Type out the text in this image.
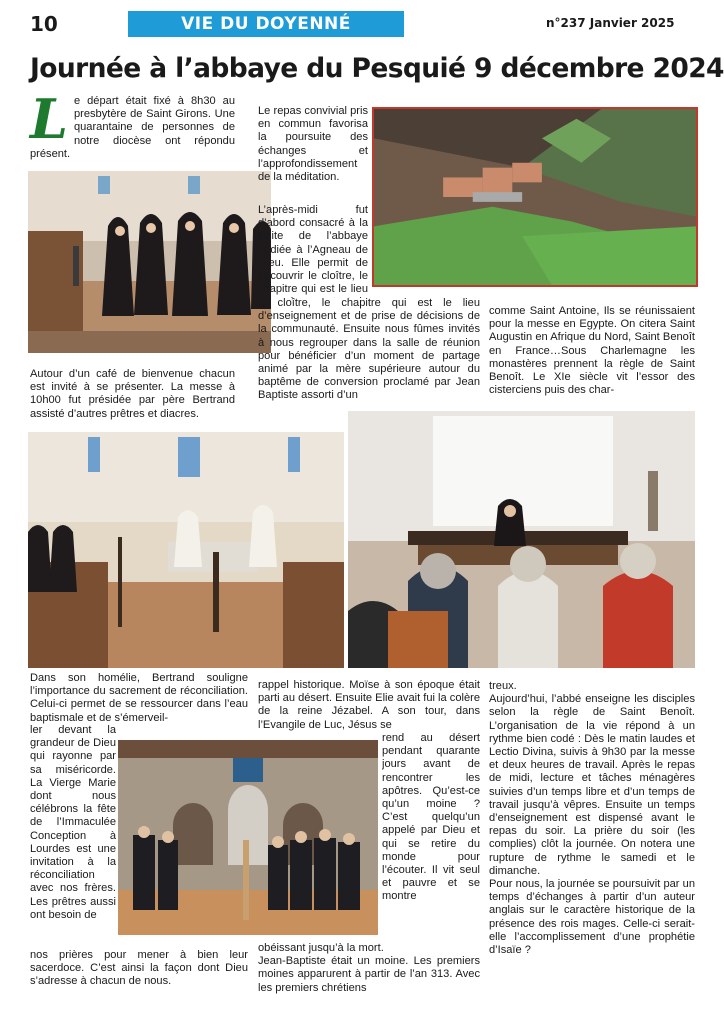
10	VIE DU DOYENNÉ	n°237 Janvier 2025
Journée à l’abbaye du Pesquié 9 décembre 2024
L e départ était fixé à 8h30 au presbytère de Saint Girons. Une quarantaine de personnes de notre diocèse ont répondu présent.

Autour d’un café de bienvenue chacun est invité à se présenter. La messe à 10h00 fut présidée par père Bertrand assisté d’autres prêtres et diacres.

Le repas convivial pris en commun favorisa la poursuite des échanges et l’approfondissement de la méditation.

L’après-midi fut d’abord consacré à la visite de l’abbaye dédiée à l’Agneau de Dieu. Elle permit de découvrir le cloître, le chapitre qui est le lieu

le cloître, le chapitre qui est le lieu d’enseignement et de prise de décisions de la communauté. Ensuite nous fûmes invités à nous regrouper dans la salle de réunion pour bénéficier d’un moment de partage animé par la mère supérieure autour du baptême de conversion proclamé par Jean Baptiste assorti d’un

comme Saint Antoine, Ils se réunissaient pour la messe en Egypte. On citera Saint Augustin en Afrique du Nord, Saint Benoît en France…Sous Charlemagne les monastères prennent la règle de Saint Benoît. Le XIe siècle vit l’essor des cisterciens puis des char-

Dans son homélie, Bertrand souligne l’importance du sacrement de réconciliation. Celui-ci permet de se ressourcer dans l’eau baptismale et de s’émerveil-

ler devant la grandeur de Dieu qui rayonne par sa miséricorde. La Vierge Marie dont nous célébrons la fête de l’Immaculée Conception à Lourdes est une invitation à la réconciliation avec nos frères. Les prêtres aussi ont besoin de

nos prières pour mener à bien leur sacerdoce. C’est ainsi la façon dont Dieu s’adresse à chacun de nous.

rappel historique. Moïse à son époque était parti au désert. Ensuite Elie avait fui la colère de la reine Jézabel. A son tour, dans l’Evangile de Luc, Jésus se

rend au désert pendant quarante jours avant de rencontrer les apôtres. Qu’est-ce qu’un moine ? C’est quelqu’un appelé par Dieu et qui se retire du monde pour l’écouter. Il vit seul et pauvre et se montre

obéissant jusqu’à la mort.

Jean-Baptiste était un moine. Les premiers moines apparurent à partir de l’an 313. Avec les premiers chrétiens

treux.

Aujourd’hui, l’abbé enseigne les disciples selon la règle de Saint Benoît. L’organisation de la vie répond à un rythme bien codé : Dès le matin laudes et Lectio Divina, suivis à 9h30 par la messe et deux heures de travail. Après le repas de midi, lecture et tâches ménagères suivies d’un temps libre et d’un temps de travail jusqu’à vêpres. Ensuite un temps d’enseignement est dispensé avant le repas du soir. La prière du soir (les complies) clôt la journée. On notera une rupture de rythme le samedi et le dimanche.

Pour nous, la journée se poursuivit par un temps d’échanges à partir d’un auteur anglais sur le caractère historique de la présence des rois mages. Celle-ci serait-elle l’accomplissement d’une prophétie d’Isaïe ?
